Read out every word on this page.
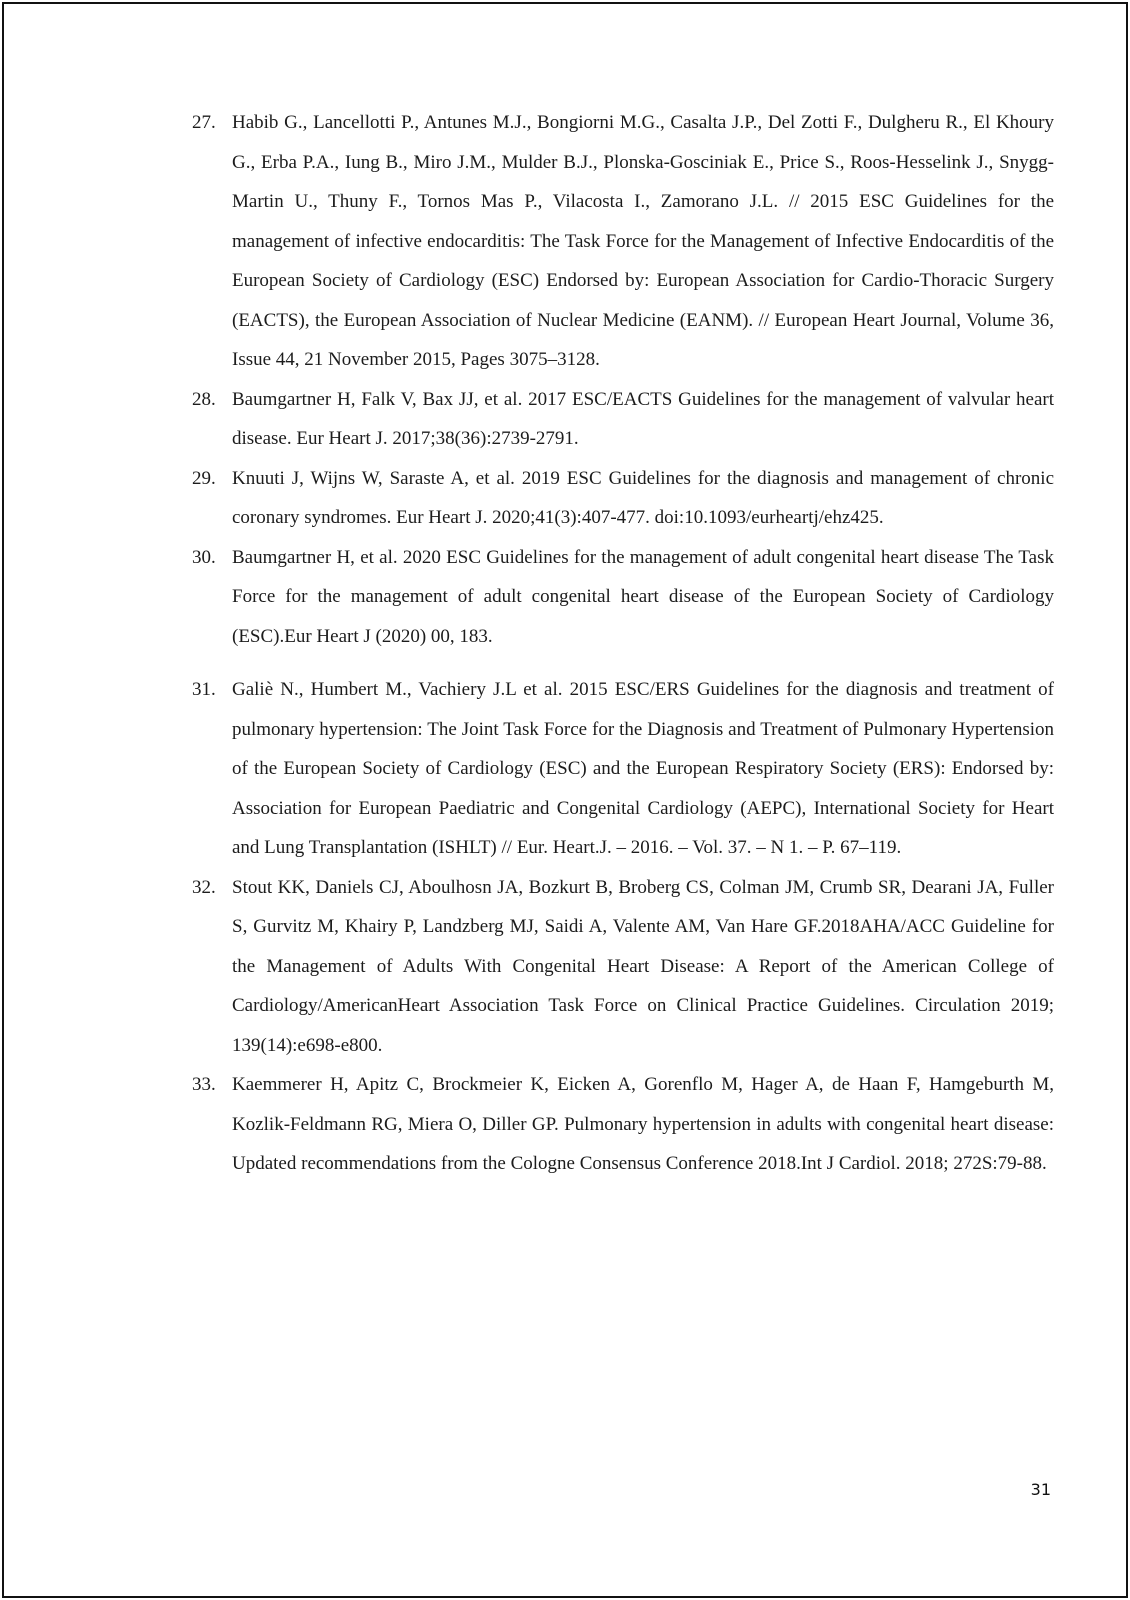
27. Habib G., Lancellotti P., Antunes M.J., Bongiorni M.G., Casalta J.P., Del Zotti F., Dulgheru R., El Khoury G., Erba P.A., Iung B., Miro J.M., Mulder B.J., Plonska-Gosciniak E., Price S., Roos-Hesselink J., Snygg-Martin U., Thuny F., Tornos Mas P., Vilacosta I., Zamorano J.L. // 2015 ESC Guidelines for the management of infective endocarditis: The Task Force for the Management of Infective Endocarditis of the European Society of Cardiology (ESC) Endorsed by: European Association for Cardio-Thoracic Surgery (EACTS), the European Association of Nuclear Medicine (EANM). // European Heart Journal, Volume 36, Issue 44, 21 November 2015, Pages 3075–3128.
28. Baumgartner H, Falk V, Bax JJ, et al. 2017 ESC/EACTS Guidelines for the management of valvular heart disease. Eur Heart J. 2017;38(36):2739-2791.
29. Knuuti J, Wijns W, Saraste A, et al. 2019 ESC Guidelines for the diagnosis and management of chronic coronary syndromes. Eur Heart J. 2020;41(3):407-477. doi:10.1093/eurheartj/ehz425.
30. Baumgartner H, et al. 2020 ESC Guidelines for the management of adult congenital heart disease The Task Force for the management of adult congenital heart disease of the European Society of Cardiology (ESC).Eur Heart J (2020) 00, 183.
31. Galiè N., Humbert M., Vachiery J.L et al. 2015 ESC/ERS Guidelines for the diagnosis and treatment of pulmonary hypertension: The Joint Task Force for the Diagnosis and Treatment of Pulmonary Hypertension of the European Society of Cardiology (ESC) and the European Respiratory Society (ERS): Endorsed by: Association for European Paediatric and Congenital Cardiology (AEPC), International Society for Heart and Lung Transplantation (ISHLT) // Eur. Heart.J. – 2016. – Vol. 37. – N 1. – P. 67–119.
32. Stout KK, Daniels CJ, Aboulhosn JA, Bozkurt B, Broberg CS, Colman JM, Crumb SR, Dearani JA, Fuller S, Gurvitz M, Khairy P, Landzberg MJ, Saidi A, Valente AM, Van Hare GF.2018AHA/ACC Guideline for the Management of Adults With Congenital Heart Disease: A Report of the American College of Cardiology/AmericanHeart Association Task Force on Clinical Practice Guidelines. Circulation 2019; 139(14):e698-e800.
33. Kaemmerer H, Apitz C, Brockmeier K, Eicken A, Gorenflo M, Hager A, de Haan F, Hamgeburth M, Kozlik-Feldmann RG, Miera O, Diller GP. Pulmonary hypertension in adults with congenital heart disease: Updated recommendations from the Cologne Consensus Conference 2018.Int J Cardiol. 2018; 272S:79-88.
31
